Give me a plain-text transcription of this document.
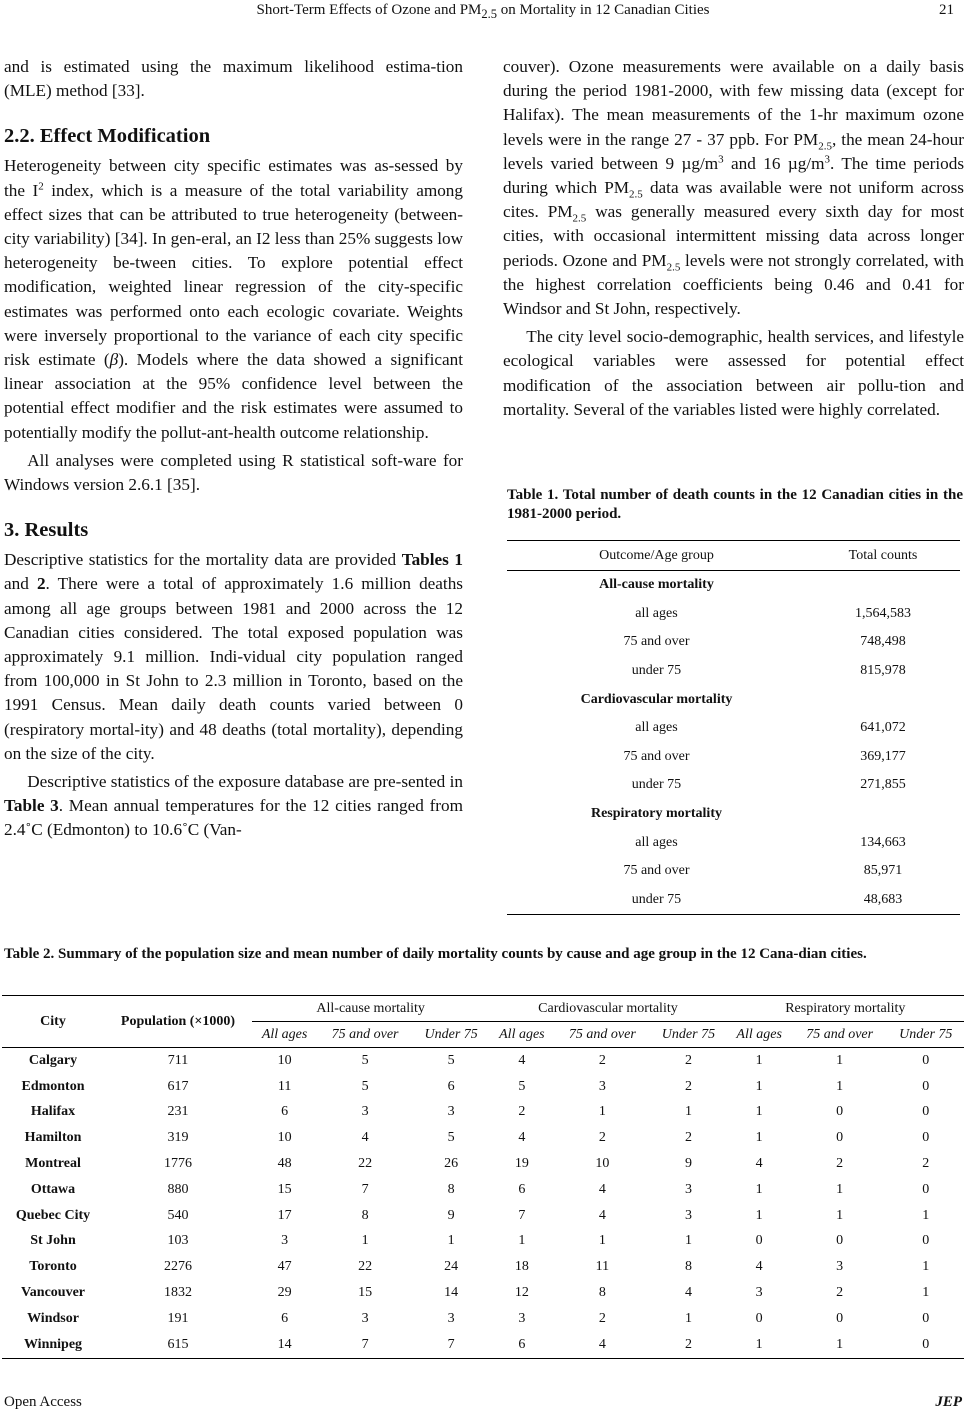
Short-Term Effects of Ozone and $PM_{2.5}$ on Mortality in 12 Canadian Cities	21

and is estimated using the maximum likelihood estima-tion (MLE) method [33].

2.2. Effect Modification

Heterogeneity between city specific estimates was as-sessed by the $I^2$ index, which is a measure of the total variability among effect sizes that can be attributed to true heterogeneity (between-city variability) [34]. In gen-eral, an I2 less than 25% suggests low heterogeneity be-tween cities. To explore potential effect modification, weighted linear regression of the city-specific estimates was performed onto each ecologic covariate. Weights were inversely proportional to the variance of each city specific risk estimate (β). Models where the data showed a significant linear association at the 95% confidence level between the potential effect modifier and the risk estimates were assumed to potentially modify the pollut-ant-health outcome relationship.

All analyses were completed using R statistical soft-ware for Windows version 2.6.1 [35].

3. Results

Descriptive statistics for the mortality data are provided Tables 1 and 2. There were a total of approximately 1.6 million deaths among all age groups between 1981 and 2000 across the 12 Canadian cities considered. The total exposed population was approximately 9.1 million. Indi-vidual city population ranged from 100,000 in St John to 2.3 million in Toronto, based on the 1991 Census. Mean daily death counts varied between 0 (respiratory mortal-ity) and 48 deaths (total mortality), depending on the size of the city.

Descriptive statistics of the exposure database are pre-sented in Table 3. Mean annual temperatures for the 12 cities ranged from 2.4˚C (Edmonton) to 10.6˚C (Van-

couver). Ozone measurements were available on a daily basis during the period 1981-2000, with few missing data (except for Halifax). The mean measurements of the 1-hr maximum ozone levels were in the range 27 - 37 ppb. For $PM_{2.5}$, the mean 24-hour levels varied between 9 $\mu g/m^3$ and 16 $\mu g/m^3$. The time periods during which $PM_{2.5}$ data was available were not uniform across cites. $PM_{2.5}$ was generally measured every sixth day for most cities, with occasional intermittent missing data across longer periods. Ozone and $PM_{2.5}$ levels were not strongly correlated, with the highest correlation coefficients being 0.46 and 0.41 for Windsor and St John, respectively.

The city level socio-demographic, health services, and lifestyle ecological variables were assessed for potential effect modification of the association between air pollu-tion and mortality. Several of the variables listed were highly correlated.

Table 1. Total number of death counts in the 12 Canadian cities in the 1981-2000 period.
Outcome/Age group	Total counts
All-cause mortality	
all ages	1,564,583
75 and over	748,498
under 75	815,978
Cardiovascular mortality	
all ages	641,072
75 and over	369,177
under 75	271,855
Respiratory mortality	
all ages	134,663
75 and over	85,971
under 75	48,683
Table 2. Summary of the population size and mean number of daily mortality counts by cause and age group in the 12 Cana-dian cities.
City	Population (×1000)	All-cause mortality			Cardiovascular mortality			Respiratory mortality		
		All ages	75 and over	Under 75	All ages	75 and over	Under 75	All ages	75 and over	Under 75
Calgary	711	10	5	5	4	2	2	1	1	0
Edmonton	617	11	5	6	5	3	2	1	1	0
Halifax	231	6	3	3	2	1	1	1	0	0
Hamilton	319	10	4	5	4	2	2	1	0	0
Montreal	1776	48	22	26	19	10	9	4	2	2
Ottawa	880	15	7	8	6	4	3	1	1	0
Quebec City	540	17	8	9	7	4	3	1	1	1
St John	103	3	1	1	1	1	1	0	0	0
Toronto	2276	47	22	24	18	11	8	4	3	1
Vancouver	1832	29	15	14	12	8	4	3	2	1
Windsor	191	6	3	3	3	2	1	0	0	0
Winnipeg	615	14	7	7	6	4	2	1	1	0
Open Access	JEP
